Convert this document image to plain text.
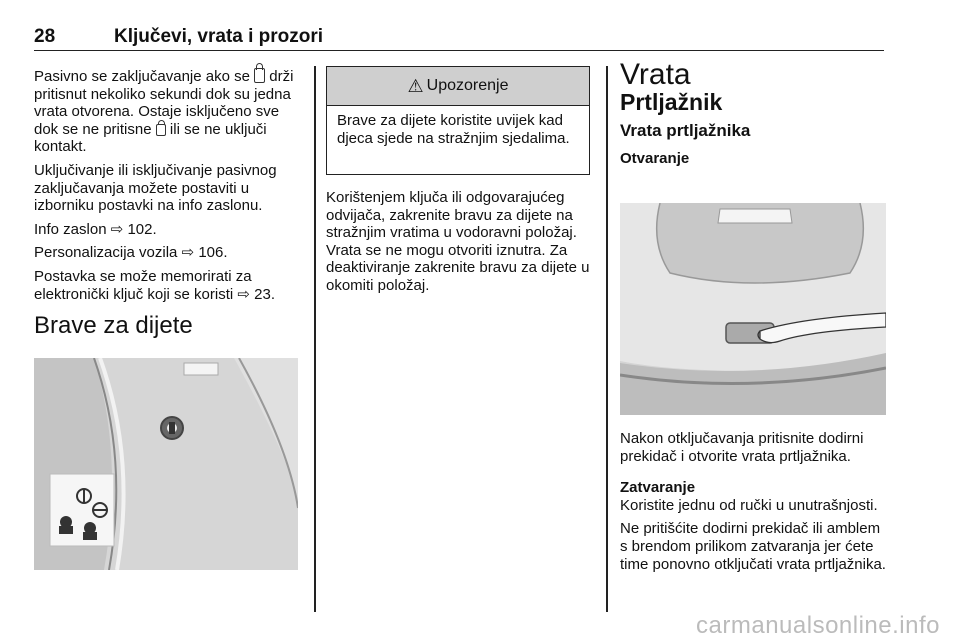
28	Ključevi, vrata i prozori

Pasivno se zaključavanje ako se  drži pritisnut nekoliko sekundi dok su jedna vrata otvorena. Ostaje isključeno sve dok se ne pritisne  ili se ne uključi kontakt.

Uključivanje ili isključivanje pasivnog zaključavanja možete postaviti u izborniku postavki na info zaslonu.

Info zaslon ⇨ 102.

Personalizacija vozila ⇨ 106.

Postavka se može memorirati za elektronički ključ koji se koristi ⇨ 23.

Brave za dijete
⚠ Upozorenje
Brave za dijete koristite uvijek kad djeca sjede na stražnjim sjedalima.

Korištenjem ključa ili odgovarajućeg odvijača, zakrenite bravu za dijete na stražnjim vratima u vodoravni položaj. Vrata se ne mogu otvoriti iznutra. Za deaktiviranje zakrenite bravu za dijete u okomiti položaj.

Vrata
Prtljažnik
Vrata prtljažnika
Otvaranje

Nakon otključavanja pritisnite dodirni prekidač i otvorite vrata prtljažnika.

Zatvaranje

Koristite jednu od ručki u unutrašnjosti.

Ne pritišćite dodirni prekidač ili amblem s brendom prilikom zatvaranja jer ćete time ponovno otključati vrata prtljažnika.

carmanualsonline.info
